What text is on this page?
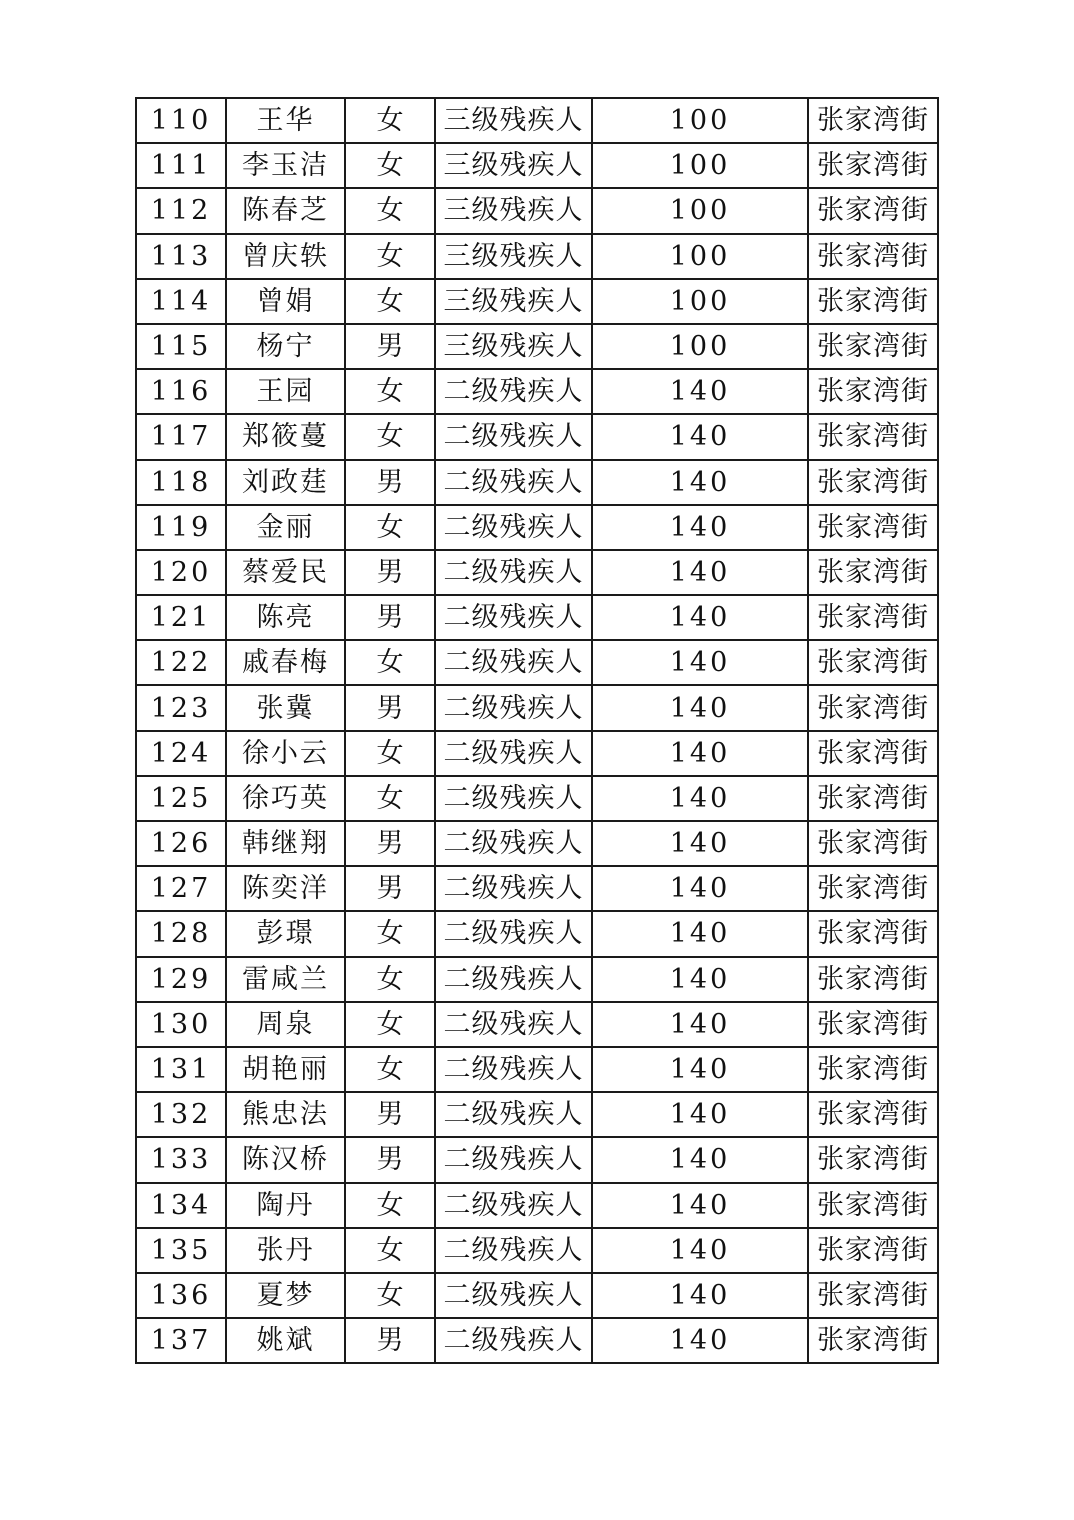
110	王华	女	三级残疾人	100	张家湾街
111	李玉洁	女	三级残疾人	100	张家湾街
112	陈春芝	女	三级残疾人	100	张家湾街
113	曾庆轶	女	三级残疾人	100	张家湾街
114	曾娟	女	三级残疾人	100	张家湾街
115	杨宁	男	三级残疾人	100	张家湾街
116	王园	女	二级残疾人	140	张家湾街
117	郑筱蔓	女	二级残疾人	140	张家湾街
118	刘政莛	男	二级残疾人	140	张家湾街
119	金丽	女	二级残疾人	140	张家湾街
120	蔡爱民	男	二级残疾人	140	张家湾街
121	陈亮	男	二级残疾人	140	张家湾街
122	戚春梅	女	二级残疾人	140	张家湾街
123	张冀	男	二级残疾人	140	张家湾街
124	徐小云	女	二级残疾人	140	张家湾街
125	徐巧英	女	二级残疾人	140	张家湾街
126	韩继翔	男	二级残疾人	140	张家湾街
127	陈奕洋	男	二级残疾人	140	张家湾街
128	彭璟	女	二级残疾人	140	张家湾街
129	雷咸兰	女	二级残疾人	140	张家湾街
130	周泉	女	二级残疾人	140	张家湾街
131	胡艳丽	女	二级残疾人	140	张家湾街
132	熊忠法	男	二级残疾人	140	张家湾街
133	陈汉桥	男	二级残疾人	140	张家湾街
134	陶丹	女	二级残疾人	140	张家湾街
135	张丹	女	二级残疾人	140	张家湾街
136	夏梦	女	二级残疾人	140	张家湾街
137	姚斌	男	二级残疾人	140	张家湾街
